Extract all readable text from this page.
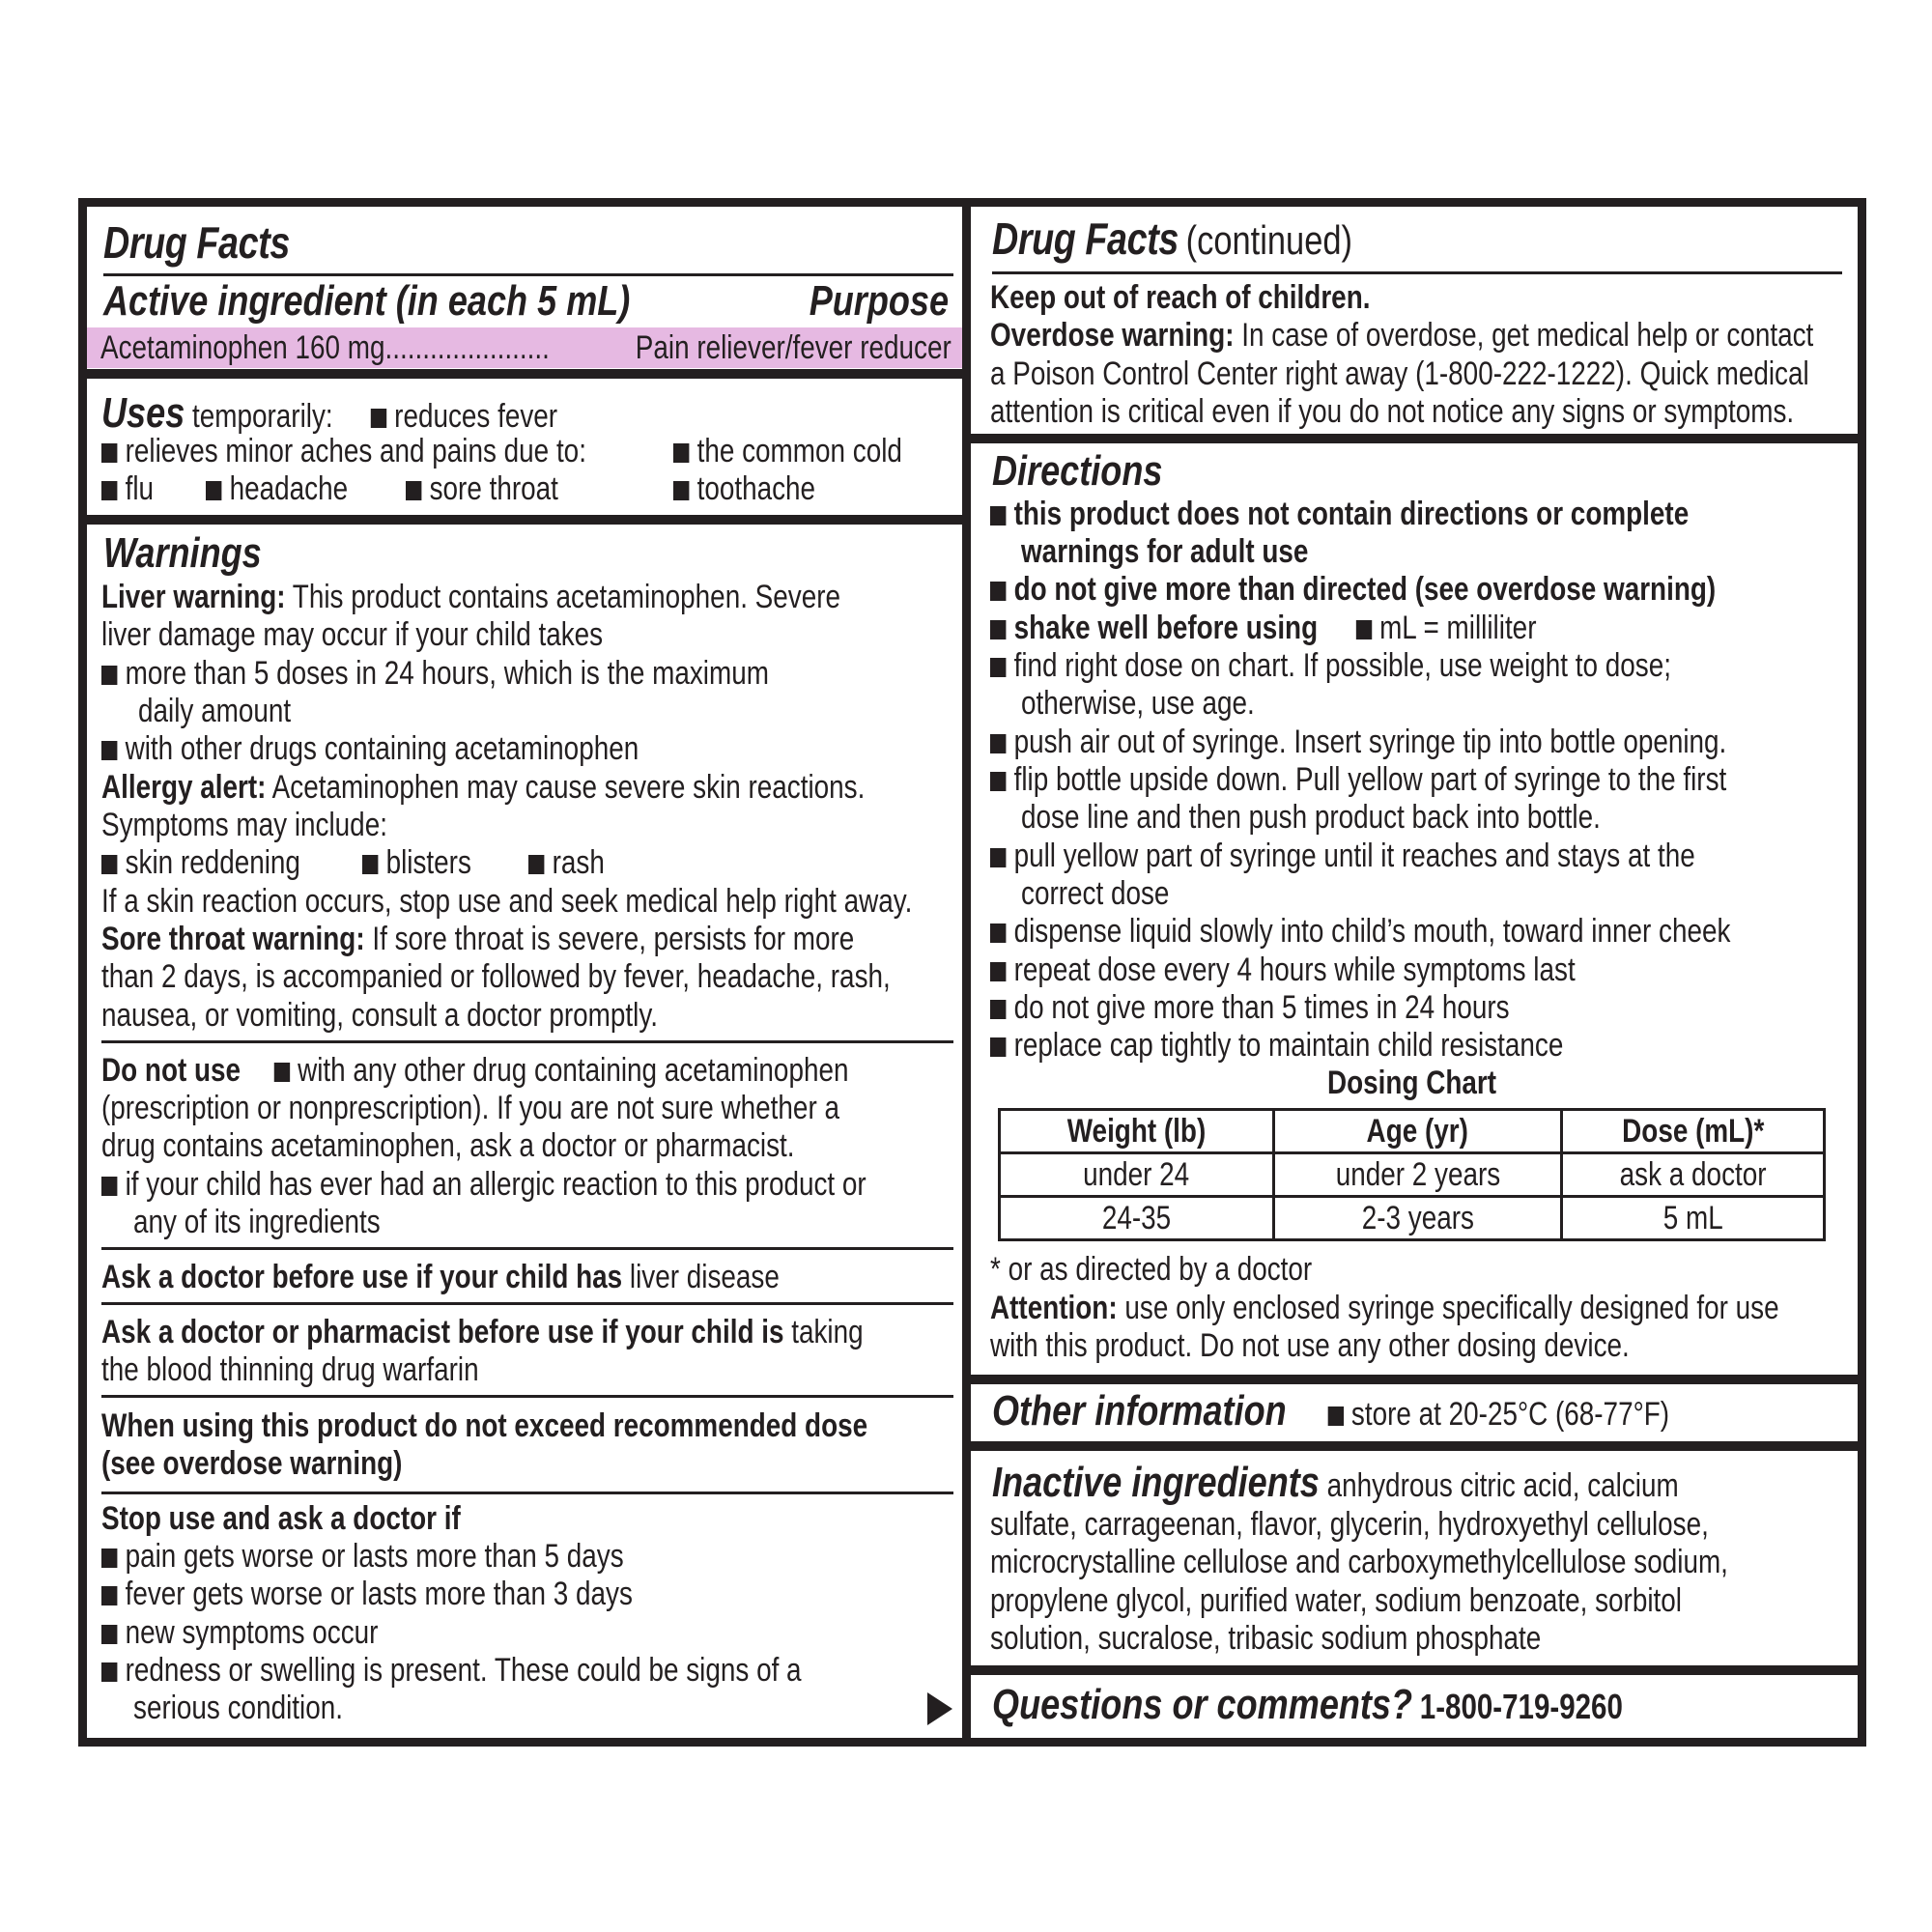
Drug Facts
Active ingredient (in each 5 mL)	Purpose
Acetaminophen 160 mg......................	Pain reliever/fever reducer
Uses temporarily: reduces fever
relieves minor aches and pains due to:	the common cold
flu	headache	sore throat	toothache
Warnings
Liver warning: This product contains acetaminophen. Severe
liver damage may occur if your child takes
more than 5 doses in 24 hours, which is the maximum
daily amount
with other drugs containing acetaminophen
Allergy alert: Acetaminophen may cause severe skin reactions.
Symptoms may include:
skin reddening	blisters	rash
If a skin reaction occurs, stop use and seek medical help right away.
Sore throat warning: If sore throat is severe, persists for more
than 2 days, is accompanied or followed by fever, headache, rash,
nausea, or vomiting, consult a doctor promptly.
Do not use with any other drug containing acetaminophen
(prescription or nonprescription). If you are not sure whether a
drug contains acetaminophen, ask a doctor or pharmacist.
if your child has ever had an allergic reaction to this product or
any of its ingredients
Ask a doctor before use if your child has liver disease
Ask a doctor or pharmacist before use if your child is taking
the blood thinning drug warfarin
When using this product do not exceed recommended dose
(see overdose warning)
Stop use and ask a doctor if
pain gets worse or lasts more than 5 days
fever gets worse or lasts more than 3 days
new symptoms occur
redness or swelling is present. These could be signs of a
serious condition.
Drug Facts (continued)
Keep out of reach of children.
Overdose warning: In case of overdose, get medical help or contact
a Poison Control Center right away (1-800-222-1222). Quick medical
attention is critical even if you do not notice any signs or symptoms.
Directions
this product does not contain directions or complete
warnings for adult use
do not give more than directed (see overdose warning)
shake well before using mL = milliliter
find right dose on chart. If possible, use weight to dose;
otherwise, use age.
push air out of syringe. Insert syringe tip into bottle opening.
flip bottle upside down. Pull yellow part of syringe to the first
dose line and then push product back into bottle.
pull yellow part of syringe until it reaches and stays at the
correct dose
dispense liquid slowly into child’s mouth, toward inner cheek
repeat dose every 4 hours while symptoms last
do not give more than 5 times in 24 hours
replace cap tightly to maintain child resistance
Dosing Chart
Weight (lb)	Age (yr)	Dose (mL)*
under 24	under 2 years	ask a doctor
24-35	2-3 years	5 mL
* or as directed by a doctor
Attention: use only enclosed syringe specifically designed for use
with this product. Do not use any other dosing device.
Other information store at 20-25°C (68-77°F)
Inactive ingredients anhydrous citric acid, calcium
sulfate, carrageenan, flavor, glycerin, hydroxyethyl cellulose,
microcrystalline cellulose and carboxymethylcellulose sodium,
propylene glycol, purified water, sodium benzoate, sorbitol
solution, sucralose, tribasic sodium phosphate
Questions or comments? 1-800-719-9260
